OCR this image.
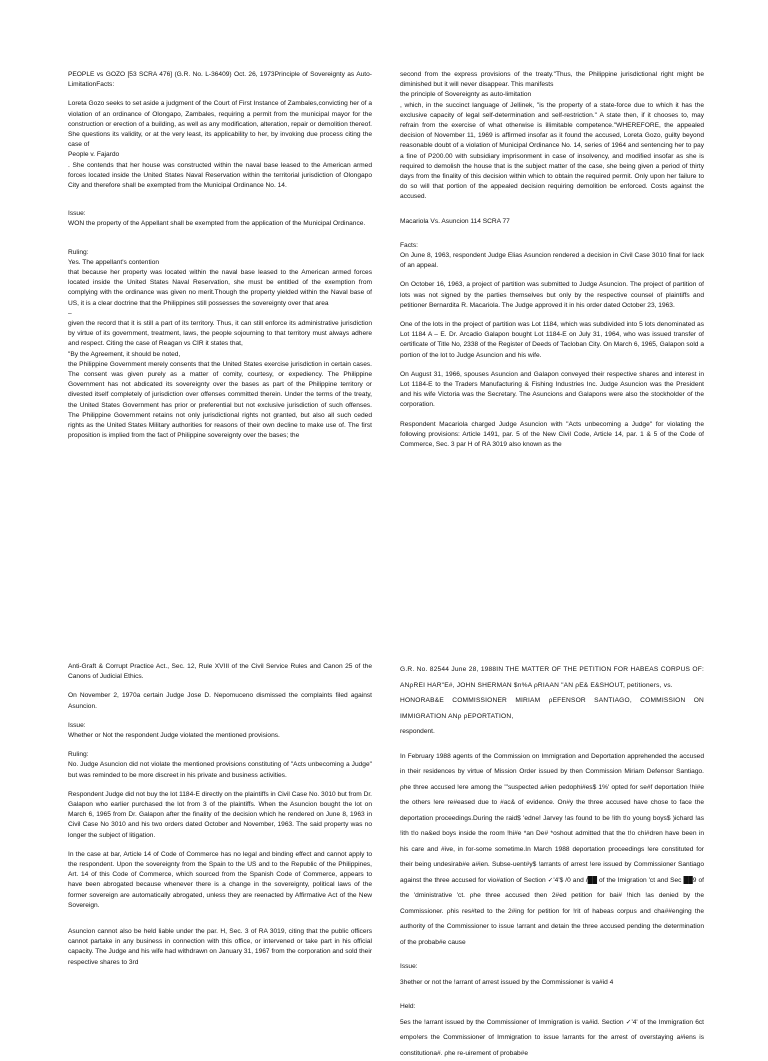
PEOPLE vs GOZO [53 SCRA 476] (G.R. No. L-36409) Oct. 26, 1973Principle of Sovereignty as Auto-LimitationFacts:

Loreta Gozo seeks to set aside a judgment of the Court of First Instance of Zambales,convicting her of a violation of an ordinance of Olongapo, Zambales, requiring a permit from the municipal mayor for the construction or erection of a building, as well as any modification, alteration, repair or demolition thereof. She questions its validity, or at the very least, its applicability to her, by invoking due process citing the case of

People v. Fajardo

. She contends that her house was constructed within the naval base leased to the American armed forces located inside the United States Naval Reservation within the territorial jurisdiction of Olongapo City and therefore shall be exempted from the Municipal Ordinance No. 14.

Issue:

WON the property of the Appellant shall be exempted from the application of the Municipal Ordinance.

Ruling:

Yes. The appellant's contention

that because her property was located within the naval base leased to the American armed forces located inside the United States Naval Reservation, she must be entitled of the exemption from complying with the ordinance was given no merit.Though the property yielded within the Naval base of US, it is a clear doctrine that the Philippines still possesses the sovereignty over that area

–

given the record that it is still a part of its territory. Thus, it can still enforce its administrative jurisdiction by virtue of its government, treatment, laws, the people sojourning to that territory must always adhere and respect. Citing the case of Reagan vs CIR it states that,

"By the Agreement, it should be noted,

the Philippine Government merely consents that the United States exercise jurisdiction in certain cases. The consent was given purely as a matter of comity, courtesy, or expediency. The Philippine Government has not abdicated its sovereignty over the bases as part of the Philippine territory or divested itself completely of jurisdiction over offenses committed therein. Under the terms of the treaty, the United States Government has prior or preferential but not exclusive jurisdiction of such offenses. The Philippine Government retains not only jurisdictional rights not granted, but also all such ceded rights as the United States Military authorities for reasons of their own decline to make use of. The first proposition is implied from the fact of Philippine sovereignty over the bases; the

second from the express provisions of the treaty."Thus, the Philippine jurisdictional right might be diminished but it will never disappear. This manifests

the principle of Sovereignty as auto-limitation

, which, in the succinct language of Jellinek, "is the property of a state-force due to which it has the exclusive capacity of legal self-determination and self-restriction." A state then, if it chooses to, may refrain from the exercise of what otherwise is illimitable competence."WHEREFORE, the appealed decision of November 11, 1969 is affirmed insofar as it found the accused, Loreta Gozo, guilty beyond reasonable doubt of a violation of Municipal Ordinance No. 14, series of 1964 and sentencing her to pay a fine of P200.00 with subsidiary imprisonment in case of insolvency, and modified insofar as she is required to demolish the house that is the subject matter of the case, she being given a period of thirty days from the finality of this decision within which to obtain the required permit. Only upon her failure to do so will that portion of the appealed decision requiring demolition be enforced. Costs against the accused.

Macariola Vs. Asuncion 114 SCRA 77

Facts:

On June 8, 1963, respondent Judge Elias Asuncion rendered a decision in Civil Case 3010 final for lack of an appeal.

On October 16, 1963, a project of partition was submitted to Judge Asuncion. The project of partition of lots was not signed by the parties themselves but only by the respective counsel of plaintiffs and petitioner Bernardita R. Macariola. The Judge approved it in his order dated October 23, 1963.

One of the lots in the project of partition was Lot 1184, which was subdivided into 5 lots denominated as Lot 1184 A – E. Dr. Arcadio Galapon bought Lot 1184-E on July 31, 1964, who was issued transfer of certificate of Title No, 2338 of the Register of Deeds of Tacloban City. On March 6, 1965, Galapon sold a portion of the lot to Judge Asuncion and his wife.

On August 31, 1966, spouses Asuncion and Galapon conveyed their respective shares and interest in Lot 1184-E to the Traders Manufacturing & Fishing Industries Inc. Judge Asuncion was the President and his wife Victoria was the Secretary. The Asuncions and Galapons were also the stockholder of the corporation.

Respondent Macariola charged Judge Asuncion with "Acts unbecoming a Judge" for violating the following provisions: Article 1491, par. 5 of the New Civil Code, Article 14, par. 1 & 5 of the Code of Commerce, Sec. 3 par H of RA 3019 also known as the

Anti-Graft & Corrupt Practice Act., Sec. 12, Rule XVIII of the Civil Service Rules and Canon 25 of the Canons of Judicial Ethics.

On November 2, 1970a certain Judge Jose D. Nepomuceno dismissed the complaints filed against Asuncion.

Issue:

Whether or Not the respondent Judge violated the mentioned provisions.

Ruling:

No. Judge Asuncion did not violate the mentioned provisions constituting of "Acts unbecoming a Judge" but was reminded to be more discreet in his private and business activities.

Respondent Judge did not buy the lot 1184-E directly on the plaintiffs in Civil Case No. 3010 but from Dr. Galapon who earlier purchased the lot from 3 of the plaintiffs. When the Asuncion bought the lot on March 6, 1965 from Dr. Galapon after the finality of the decision which he rendered on June 8, 1963 in Civil Case No 3010 and his two orders dated October and November, 1963. The said property was no longer the subject of litigation.

In the case at bar, Article 14 of Code of Commerce has no legal and binding effect and cannot apply to the respondent. Upon the sovereignty from the Spain to the US and to the Republic of the Philippines, Art. 14 of this Code of Commerce, which sourced from the Spanish Code of Commerce, appears to have been abrogated because whenever there is a change in the sovereignty, political laws of the former sovereign are automatically abrogated, unless they are reenacted by Affirmative Act of the New Sovereign.

Asuncion cannot also be held liable under the par. H, Sec. 3 of RA 3019, citing that the public officers cannot partake in any business in connection with this office, or intervened or take part in his official capacity. The Judge and his wife had withdrawn on January 31, 1967 from the corporation and sold their respective shares to 3rd

G.R. No. 82544 June 28, 1988IN THE MATTER OF THE PETITION FOR HABEAS CORPUS OF: ANρREI HAR"E#, JOHN SHERMAN $n%A ρRIAAN "AN ρE& E&SHOUT, petitioners, vs.

HONORAB&E COMMISSIONER MIRIAM ρEFENSOR SANTIAGO, COMMISSION ON IMMIGRATION ANρ ρEPORTATION,

respondent.

In February 1988 agents of the Commission on Immigration and Deportation apprehended the accused in their residences by virtue of Mission Order issued by then Commission Miriam Defensor Santiago. ρhe three accused !ere among the "'suspected a#ien pedophi#es$ 1%' opted for se#f deportation !hi#e the others !ere re#eased due to #ac& of evidence. On#y the three accused have chose to face the deportation proceedings.During the raid$ 'edne! Jarvey !as found to be !ith t!o young boys$ )ichard !as !ith t!o na&ed boys inside the room !hi#e *an De# *oshout admitted that the t!o chi#dren have been in his care and #ive, in for-some sometime.In March 1988 deportation proceedings !ere constituted for their being undesirab#e a#ien. Subse-uent#y$ !arrants of arrest !ere issued by Commissioner Santiago against the three accused for vio#ation of Section ✓'4'$ /0 and /██ of the Imigration 'ct and Sec ██9 of the 'dministrative 'ct. ρhe three accused then 2#ed petition for bai# !hich !as denied by the Commissioner. ρhis res#ted to the 2#ing for petition for !rit of habeas corpus and cha##enging the authority of the Commissioner to issue !arrant and detain the three accused pending the determination of the probab#e cause

Issue:

3hether or not the !arrant of arrest issued by the Commissioner is va#id 4

Held:

5es the !arrant issued by the Commissioner of Immigration is va#id. Section ✓'4' of the Immigration 6ct empo!ers the Commissioner of Immigration to issue !arrants for the arrest of overstaying a#iens is constitutiona#. ρhe re-uirement of probab#e
